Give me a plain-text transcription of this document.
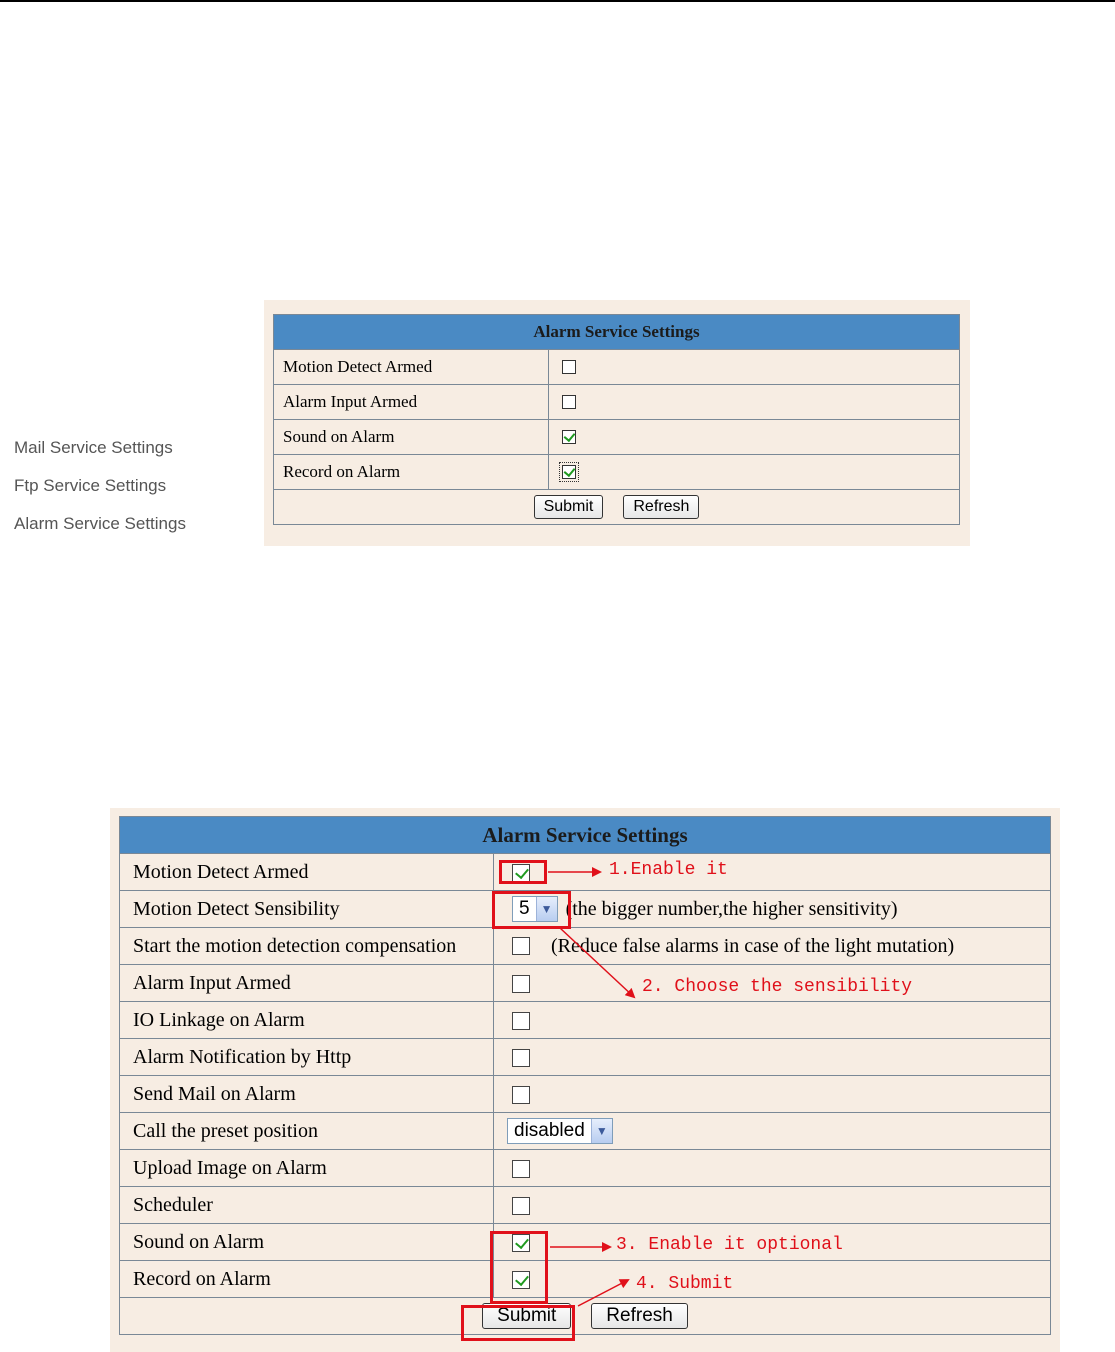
Mail Service Settings
Ftp Service Settings
Alarm Service Settings
Alarm Service Settings	
Motion Detect Armed	
Alarm Input Armed	
Sound on Alarm	
Record on Alarm	
Submit Refresh	
Alarm Service Settings	
Motion Detect Armed	
Motion Detect Sensibility	5 ▼ (the bigger number,the higher sensitivity)
Start the motion detection compensation	(Reduce false alarms in case of the light mutation)
Alarm Input Armed	
IO Linkage on Alarm	
Alarm Notification by Http	
Send Mail on Alarm	
Call the preset position	disabled ▼

Upload Image on Alarm	
Scheduler	
Sound on Alarm	
Record on Alarm	
Submit Refresh	
1.Enable it
2. Choose the sensibility
3. Enable it optional
4. Submit
